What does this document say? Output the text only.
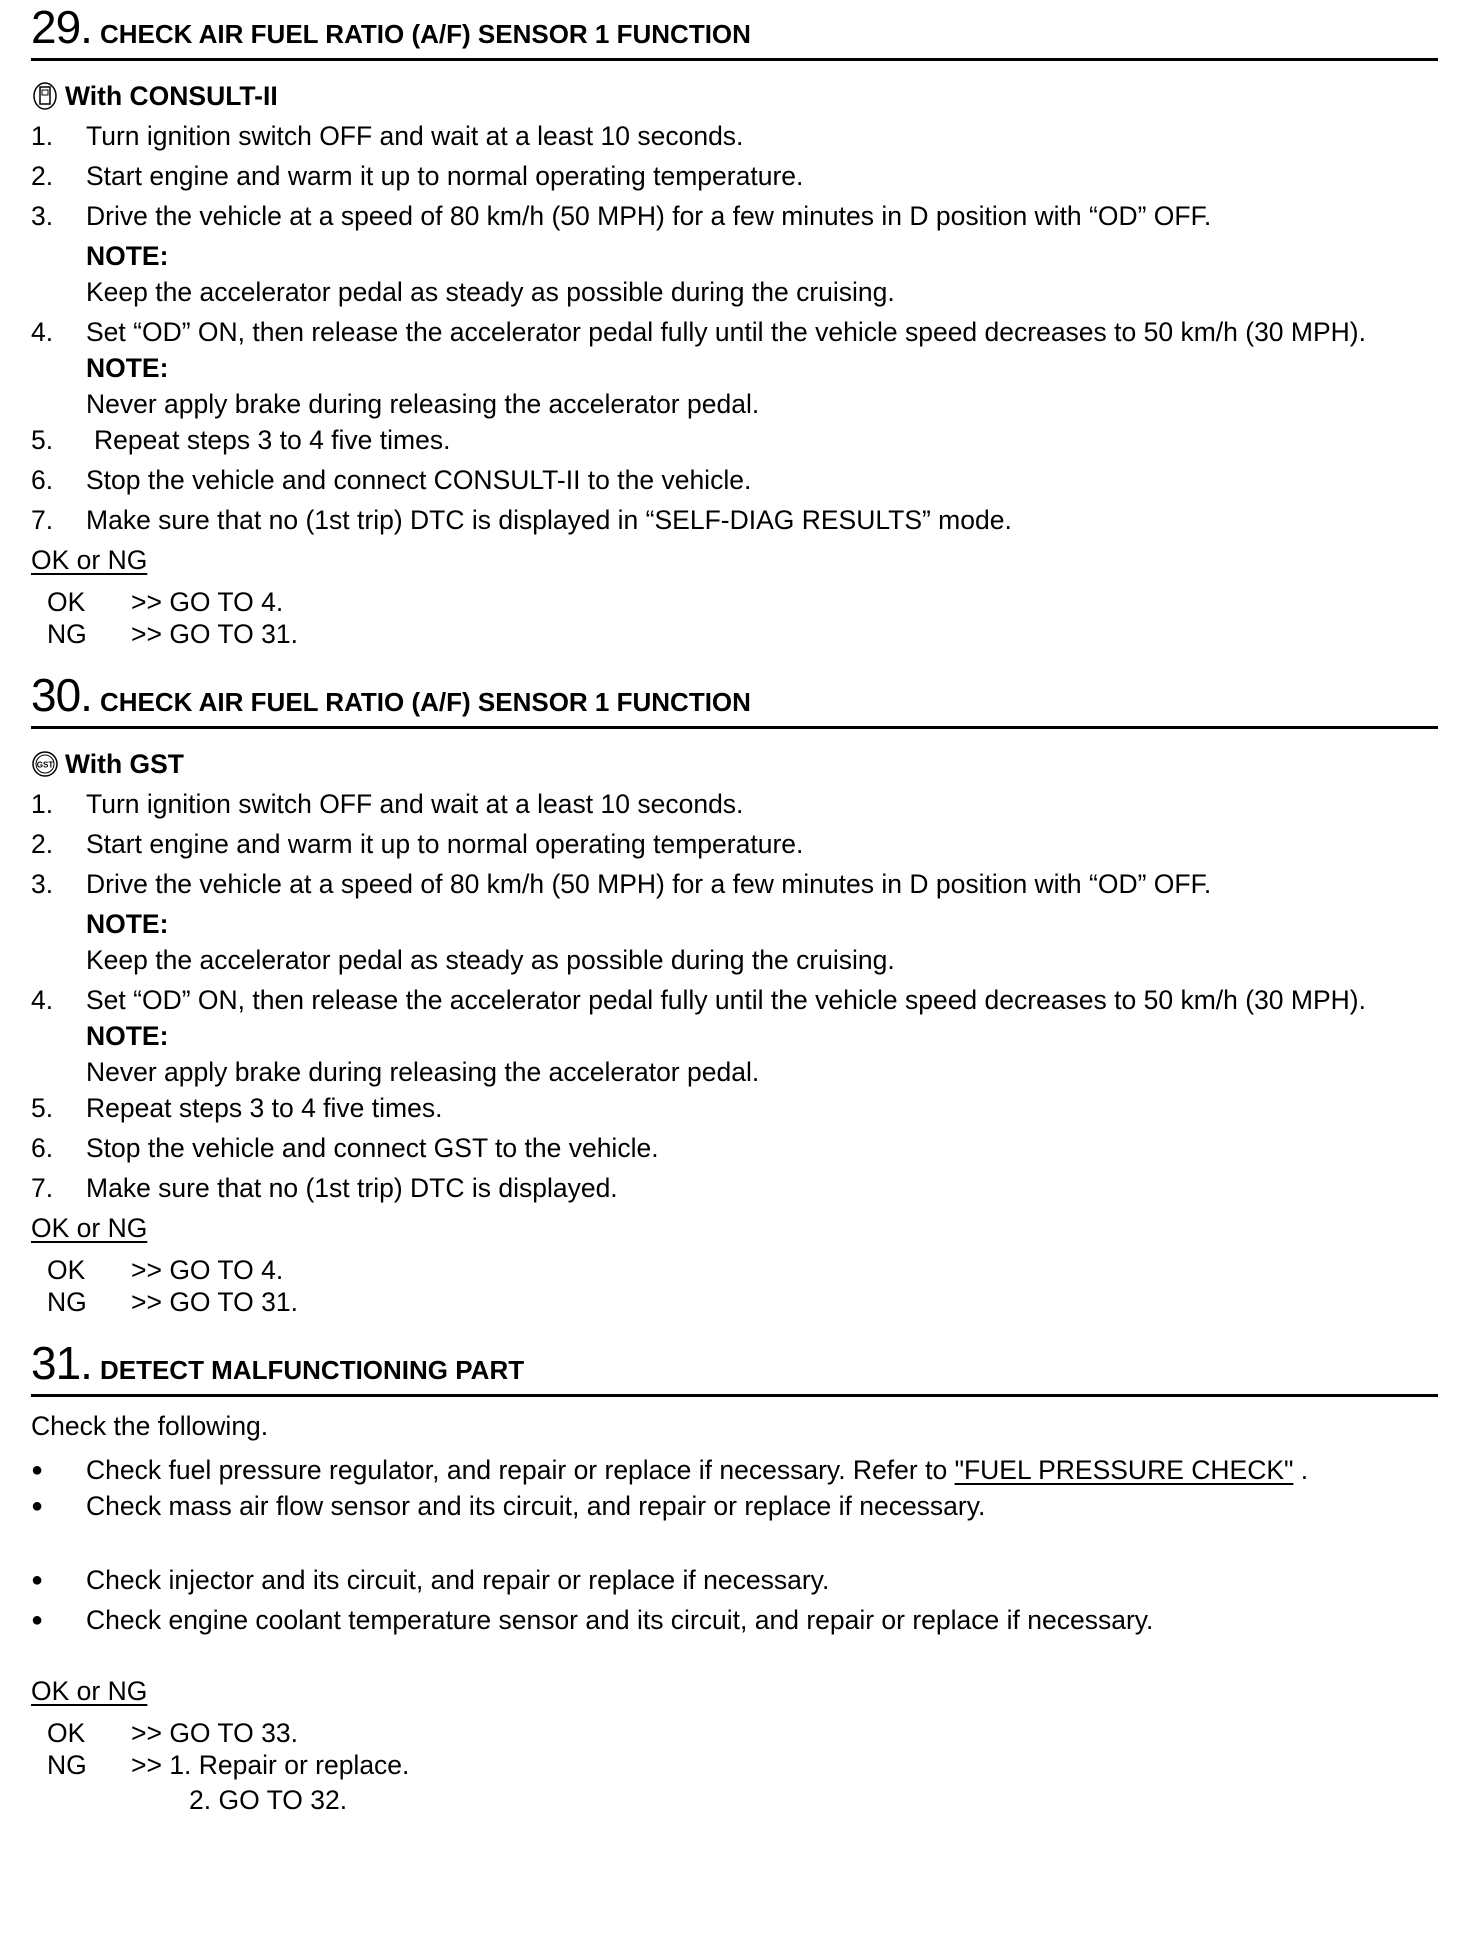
29. CHECK AIR FUEL RATIO (A/F) SENSOR 1 FUNCTION
With CONSULT-II
1.	Turn ignition switch OFF and wait at a least 10 seconds.
2.	Start engine and warm it up to normal operating temperature.
3.	Drive the vehicle at a speed of 80 km/h (50 MPH) for a few minutes in D position with “OD” OFF.
NOTE:
Keep the accelerator pedal as steady as possible during the cruising.
4.	Set “OD” ON, then release the accelerator pedal fully until the vehicle speed decreases to 50 km/h (30 MPH).
NOTE:
Never apply brake during releasing the accelerator pedal.
5.	Repeat steps 3 to 4 five times.
6.	Stop the vehicle and connect CONSULT-II to the vehicle.
7.	Make sure that no (1st trip) DTC is displayed in “SELF-DIAG RESULTS” mode.
OK or NG
OK	>> GO TO 4.
NG	>> GO TO 31.
30. CHECK AIR FUEL RATIO (A/F) SENSOR 1 FUNCTION
GST With GST
1.	Turn ignition switch OFF and wait at a least 10 seconds.
2.	Start engine and warm it up to normal operating temperature.
3.	Drive the vehicle at a speed of 80 km/h (50 MPH) for a few minutes in D position with “OD” OFF.
NOTE:
Keep the accelerator pedal as steady as possible during the cruising.
4.	Set “OD” ON, then release the accelerator pedal fully until the vehicle speed decreases to 50 km/h (30 MPH).
NOTE:
Never apply brake during releasing the accelerator pedal.
5.	Repeat steps 3 to 4 five times.
6.	Stop the vehicle and connect GST to the vehicle.
7.	Make sure that no (1st trip) DTC is displayed.
OK or NG
OK	>> GO TO 4.
NG	>> GO TO 31.
31. DETECT MALFUNCTIONING PART
Check the following.
●	Check fuel pressure regulator, and repair or replace if necessary. Refer to "FUEL PRESSURE CHECK" .
●	Check mass air flow sensor and its circuit, and repair or replace if necessary.
●	Check injector and its circuit, and repair or replace if necessary.
●	Check engine coolant temperature sensor and its circuit, and repair or replace if necessary.
OK or NG
OK	>> GO TO 33.
NG	>> 1. Repair or replace.
2. GO TO 32.
